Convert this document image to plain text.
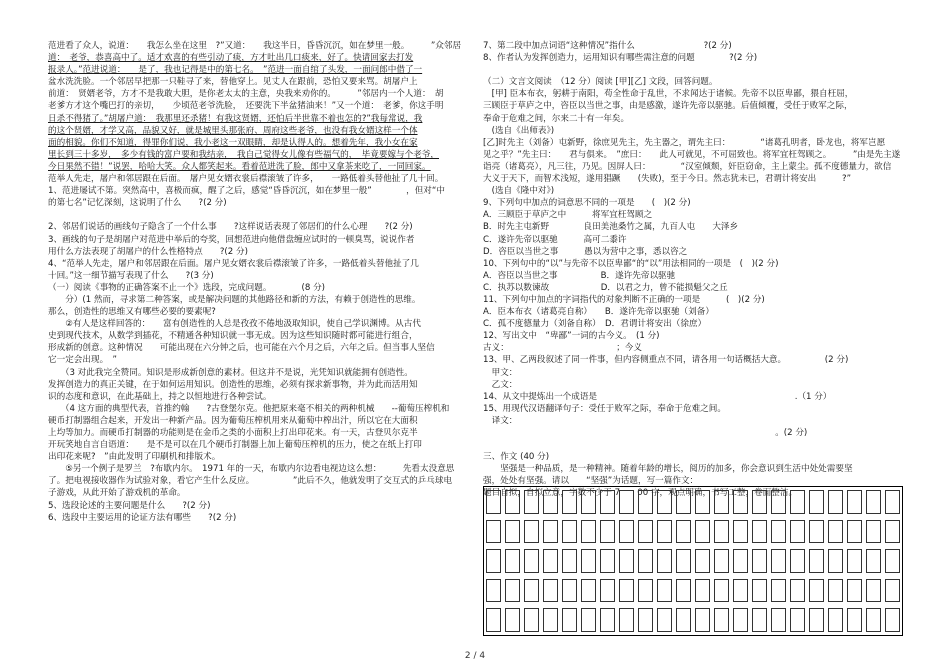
范进看了众人，说道：　　我怎么坐在这里　?”又道：　　我这半日，昏昏沉沉，如在梦里一般。　　　”众邻居
道：　老爷，恭喜高中了。适才欢喜的有些引动了痰，方才吐出几口痰来，好了。快请回家去打发
报录人。”范进说道：　　是了，我也记得是中的第七名。　”范进一面自绾了头发，一面问郎中借了一
盆水洗洗脸。一个邻居早把那一只鞋寻了来，替他穿上。见丈人在跟前，恐怕又要来骂。胡屠户上
前道：　贤婿老爷，方才不是我敢大胆，是你老太太的主意，央我来劝你的。　　　”邻居内一个人道：　胡
老爹方才这个嘴巴打的亲切，　　少顷范老爷洗脸，　还要洗下半盆猪油来！”又一个道：　老爹，你这手明
日杀不得猪了。”胡屠户道：　我那里还杀猪！有我这贤婿，还怕后半世靠不着也怎的?”我每常说，我
的这个贤婿，才学又高，品貌又好，就是城里头那张府、周府这些老爷，也没有我女婿这样一个体
面的相貌。你们不知道，得罪你们说，我小老这一双眼睛，却是认得人的。想着先年，我小女在家
里长到三十多岁，　多少有钱的富户要和我结亲，　我自己觉得女儿像有些福气的，　毕竟要嫁与个老爷，
今日果然不错！”说罢，哈哈大笑。众人都笑起来。看着范进洗了脸，郎中又拿茶来吃了，一同回家。
范举人先走，屠户和邻居跟在后面。　屠户见女婿衣裳后襟滚皱了许多，　　一路低着头替他扯了几十回。
1、范进屡试不第。突然高中，喜极而疯，醒了之后，感觉“昏昏沉沉，如在梦里一般”　　　　，但对“中
的第七名”记忆深刻，这说明了什么　　?(2 分)
2、邻居们说话的画线句子隐含了一个什么事　　?这样说话表现了邻居们的什么心理　　?(2 分)
3、画线的句子是胡屠户对范进中举后的夸奖，回想范进向他借盘缠应试时的一顿臭骂，说说作者
用什么方法表现了胡屠户的什么性格特点　　?(2 分)
4、“范举人先走，屠户和邻居跟在后面。屠户见女婿衣裳后襟滚皱了许多，一路低着头替他扯了几
十回。”这一细节描写表现了什么　　?(3 分)
（一）阅读《事物的正确答案不止一个》选段，完成问题。　　　　(8 分)
　　分）(1 然而，寻求第二种答案，或是解决问题的其他路径和新的方法，有赖于创造性的思维。
那么，创造性的思维又有哪些必要的要素呢?
　　②有人是这样回答的：　　富有创造性的人总是孜孜不倦地汲取知识，使自己学识渊博。从古代
史到现代技术，从数学到插花，不精通各种知识就一事无成。因为这些知识随时都可能进行组合，
形成新的创意。这种情况　　可能出现在六分钟之后，也可能在六个月之后，六年之后。但当事人坚信
它一定会出现。　”
　　（3 对此我完全赞同。知识是形成新创意的素材。但这并不是说，光凭知识就能拥有创造性。
发挥创造力的真正关键，在于如何运用知识。创造性的思维，必须有探求新事物，并为此而活用知
识的态度和意识，在此基础上，持之以恒地进行各种尝试。
　　（4 这方面的典型代表，首推约翰　　?古登堡尔克。他把原来毫不相关的两种机械　　--葡萄压榨机和
硬币打制器组合起来，开发出一种新产品。因为葡萄压榨机用来从葡萄中榨出汁，所以它在大面积
上均等加力。而硬币打制器的功能则是在金币之类的小面积上打出印花来。有一天，古登贝尔克半
开玩笑地自言自语道：　　是不是可以在几个硬币打制器上加上葡萄压榨机的压力，使之在纸上打印
出印花来呢?　”由此发明了印刷机和排版术。
　　⑤另一个例子是罗兰　?布歇内尔。　1971 年的一天，布歇内尔边看电视边这么想：　　　先看太没意思
了。把电视接收器作为试验对象，看它产生什么反应。　　　　　”此后不久，他就发明了交互式的乒乓球电
子游戏，从此开始了游戏机的革命。
5、选段论述的主要问题是什么　　?(2 分)
6、选段中主要运用的论证方法有哪些　　?(2 分)
7、第二段中加点词语“这种情况”指什么　　　　　　　　?(2 分)
8、作者认为发挥创造力，运用知识有哪些需注意的问题　　　　?(2 分)
（二）文言文阅读　（12 分）阅读 [甲][乙] 文段，回答问题。
　[甲] 臣本布衣，躬耕于南阳，苟全性命于乱世，不求闻达于诸候。先帝不以臣卑鄙，猥自枉屈，
三顾臣于草庐之中，咨臣以当世之事，由是感激，遂许先帝以驱驰。后值倾覆，受任于败军之际，
奉命于危难之间，尔来二十有一年矣。
　(选自《出师表》)
[乙]时先主（刘备）屯新野，徐庶见先主，先主器之，谓先主曰：　　　　“诸葛孔明者，卧龙也，将军岂愿
见之乎？”先主曰：　　君与俱来。　”庶曰：　　此人可就见，不可屈致也。将军宜枉驾顾之。　　　”由是先主遂
诣亮（诸葛亮），凡三往，乃见。因屏人曰：　　　　“汉室倾颓，奸臣窃命，主上蒙尘。孤不度德量力，欲信
大义于天下，而智术浅短，遂用猖蹶　　(失败)，至于今日。然志犹未已，君谓计将安出　　　?”
　(选自《隆中对》)
9、下列句中加点的词意思不同的一项是　　(　)(2 分)
A．三顾臣于草庐之中　　　将军宜枉驾顾之
B．时先主屯新野　　　　良田美池桑竹之属，九百人屯　　大泽乡
C．遂许先帝以驱驰　　　高可二黍许
D．咨臣以当世之事　　　愚以为营中之事，悉以咨之
10、下列句中的“以”与先帝不以臣卑鄙“的“以”用法相同的一项是　(　)(2 分)
A．咨臣以当世之事　　　　　B．遂许先帝以驱驰
C．执苏以数谏故　　　　　　D．以君之力，曾不能损魁父之丘
11、下列句中加点的字词指代的对象判断不正确的一项是　　　(　)(2 分)
A．臣本布衣（诸葛亮自称）　　B．遂许先帝以驱驰（刘备）
C．孤不度德量力（刘备自称）　D．君谓计将安出（徐庶）
12、写出文中　“卑鄙”一词的古今义。　(1 分)
古义：　　　　　　　　　　　　　；今义　　　　　　　　　　　　　
13、甲、乙两段叙述了同一件事，但内容侧重点不同，请各用一句话概括大意。　　　　　(2 分)
　甲文：
　乙文：
14、从文中提炼出一个成语是　　　　　　　　　　　　　　　　　　　　　　　.（1 分）
15、用现代汉语翻译句子：受任于败军之际，奉命于危难之间。
　译文：
　　　　　　　　　　　　　　　　　　　　　　　　　　　　　　　　　　。(2 分)
三、作文 (40 分)
　　坚强是一种品质，是一种精神。随着年龄的增长，阅历的加多，你会意识到生活中处处需要坚
强，处处有坚强。请以　　“坚强”为话题，写一篇作文：
题目自拟，自拟立意，字数不少于 7　　00 字，观点明确，书写工整，卷面整洁。
2 / 4
